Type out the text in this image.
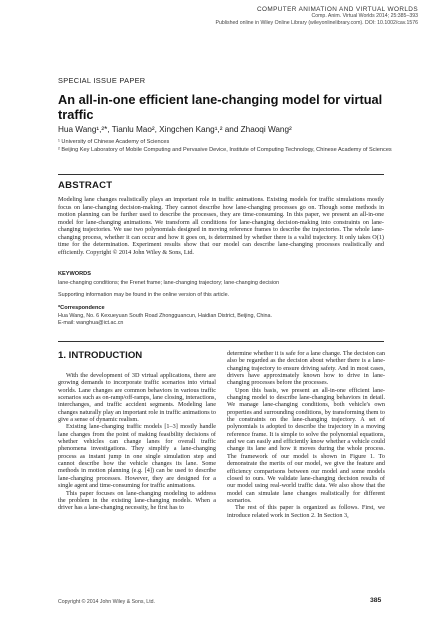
COMPUTER ANIMATION AND VIRTUAL WORLDS
Comp. Anim. Virtual Worlds 2014; 25:385–393
Published online in Wiley Online Library (wileyonlinelibrary.com). DOI: 10.1002/cav.1576
SPECIAL ISSUE PAPER
An all-in-one efficient lane-changing model for virtual traffic
Hua Wang¹,²*, Tianlu Mao², Xingchen Kang¹,² and Zhaoqi Wang²
¹ University of Chinese Academy of Sciences
² Beijing Key Laboratory of Mobile Computing and Pervasive Device, Institute of Computing Technology, Chinese Academy of Sciences
ABSTRACT
Modeling lane changes realistically plays an important role in traffic animations. Existing models for traffic simulations mostly focus on lane-changing decision-making. They cannot describe how lane-changing processes go on. Though some methods in motion planning can be further used to describe the processes, they are time-consuming. In this paper, we present an all-in-one model for lane-changing animations. We transform all conditions for lane-changing decision-making into constraints on lane-changing trajectories. We use two polynomials designed in moving reference frames to describe the trajectories. The whole lane-changing process, whether it can occur and how it goes on, is determined by whether there is a valid trajectory. It only takes O(1) time for the determination. Experiment results show that our model can describe lane-changing processes realistically and efficiently. Copyright © 2014 John Wiley & Sons, Ltd.
KEYWORDS
lane-changing conditions; the Frenet frame; lane-changing trajectory; lane-changing decision
Supporting information may be found in the online version of this article.
*Correspondence
Hua Wang, No. 6 Kexueyuan South Road Zhongguancun, Haidian District, Beijing, China.
E-mail: wanghua@ict.ac.cn
1. INTRODUCTION

With the development of 3D virtual applications, there are growing demands to incorporate traffic scenarios into virtual worlds. Lane changes are common behaviors in various traffic scenarios such as on-ramp/off-ramps, lane closing, interactions, interchanges, and traffic accident segments. Modeling lane changes naturally play an important role in traffic animations to give a sense of dynamic realism.

Existing lane-changing traffic models [1–3] mostly handle lane changes from the point of making feasibility decisions of whether vehicles can change lanes for overall traffic phenomena investigations. They simplify a lane-changing process as instant jump in one single simulation step and cannot describe how the vehicle changes its lane. Some methods in motion planning (e.g. [4]) can be used to describe lane-changing processes. However, they are designed for a single agent and time-consuming for traffic animations.

This paper focuses on lane-changing modeling to address the problem in the existing lane-changing models. When a driver has a lane-changing necessity, he first has to

determine whether it is safe for a lane change. The decision can also be regarded as the decision about whether there is a lane-changing trajectory to ensure driving safety. And in most cases, drivers have approximately known how to drive in lane-changing processes before the processes.

Upon this basis, we present an all-in-one efficient lane-changing model to describe lane-changing behaviors in detail. We manage lane-changing conditions, both vehicle's own properties and surrounding conditions, by transforming them to the constraints on the lane-changing trajectory. A set of polynomials is adopted to describe the trajectory in a moving reference frame. It is simple to solve the polynomial equations, and we can easily and efficiently know whether a vehicle could change its lane and how it moves during the whole process. The framework of our model is shown in Figure 1. To demonstrate the merits of our model, we give the feature and efficiency comparisons between our model and some models closed to ours. We validate lane-changing decision results of our model using real-world traffic data. We also show that the model can simulate lane changes realistically for different scenarios.

The rest of this paper is organized as follows. First, we introduce related work in Section 2. In Section 3,

Copyright © 2014 John Wiley & Sons, Ltd.	385
